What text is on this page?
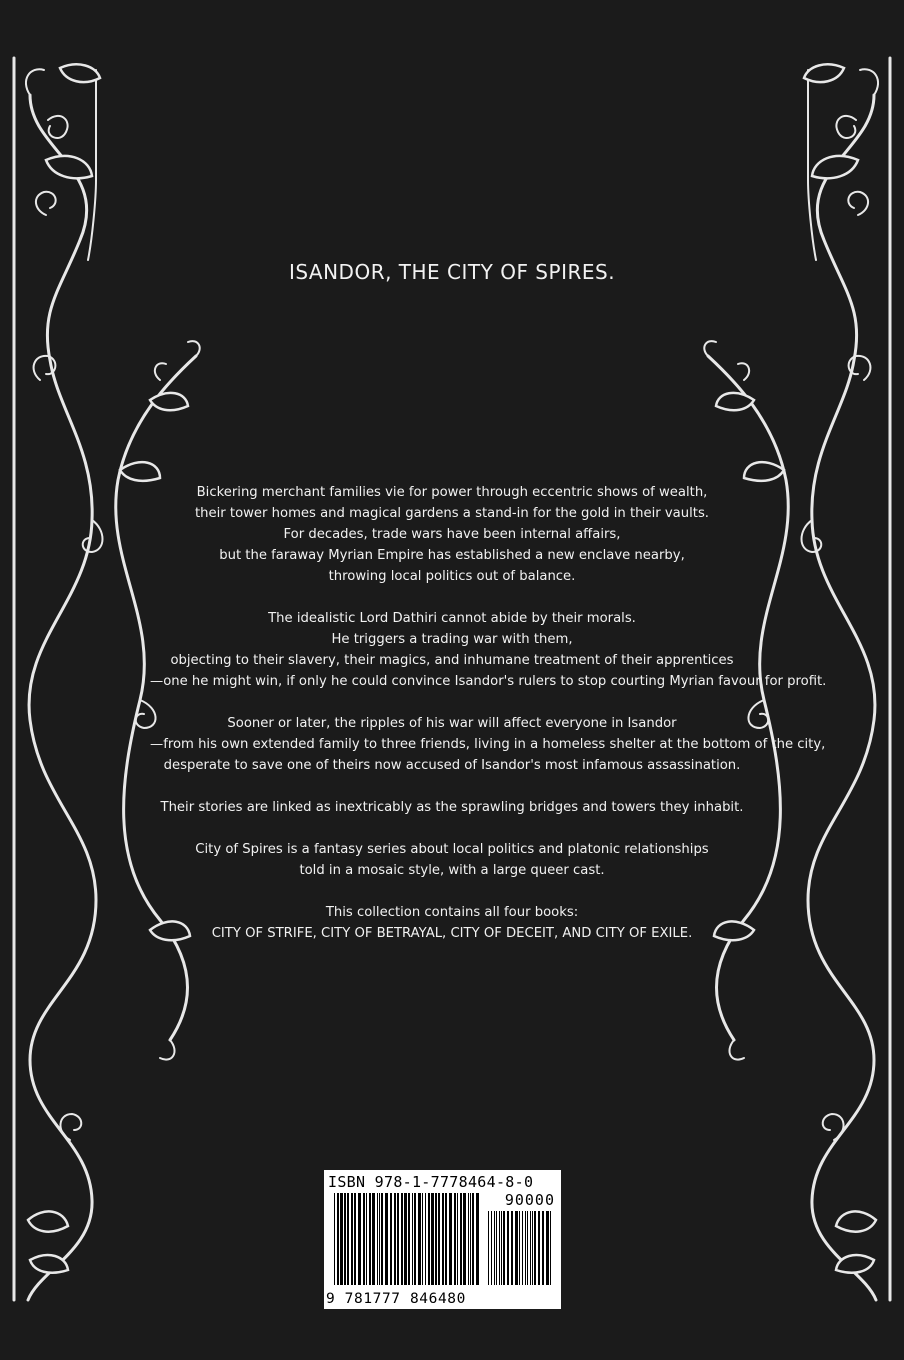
ISANDOR, THE CITY OF SPIRES.

Bickering merchant families vie for power through eccentric shows of wealth,
their tower homes and magical gardens a stand-in for the gold in their vaults.
For decades, trade wars have been internal affairs,
but the faraway Myrian Empire has established a new enclave nearby,
throwing local politics out of balance.

The idealistic Lord Dathiri cannot abide by their morals.
He triggers a trading war with them,
objecting to their slavery, their magics, and inhumane treatment of their apprentices
—one he might win, if only he could convince Isandor's rulers to stop courting Myrian favour for profit.

Sooner or later, the ripples of his war will affect everyone in Isandor
—from his own extended family to three friends, living in a homeless shelter at the bottom of the city,
desperate to save one of theirs now accused of Isandor's most infamous assassination.

Their stories are linked as inextricably as the sprawling bridges and towers they inhabit.

City of Spires is a fantasy series about local politics and platonic relationships
told in a mosaic style, with a large queer cast.

This collection contains all four books:
CITY OF STRIFE, CITY OF BETRAYAL, CITY OF DECEIT, AND CITY OF EXILE.

ISBN 978-1-7778464-8-0
90000
9 781777 846480
